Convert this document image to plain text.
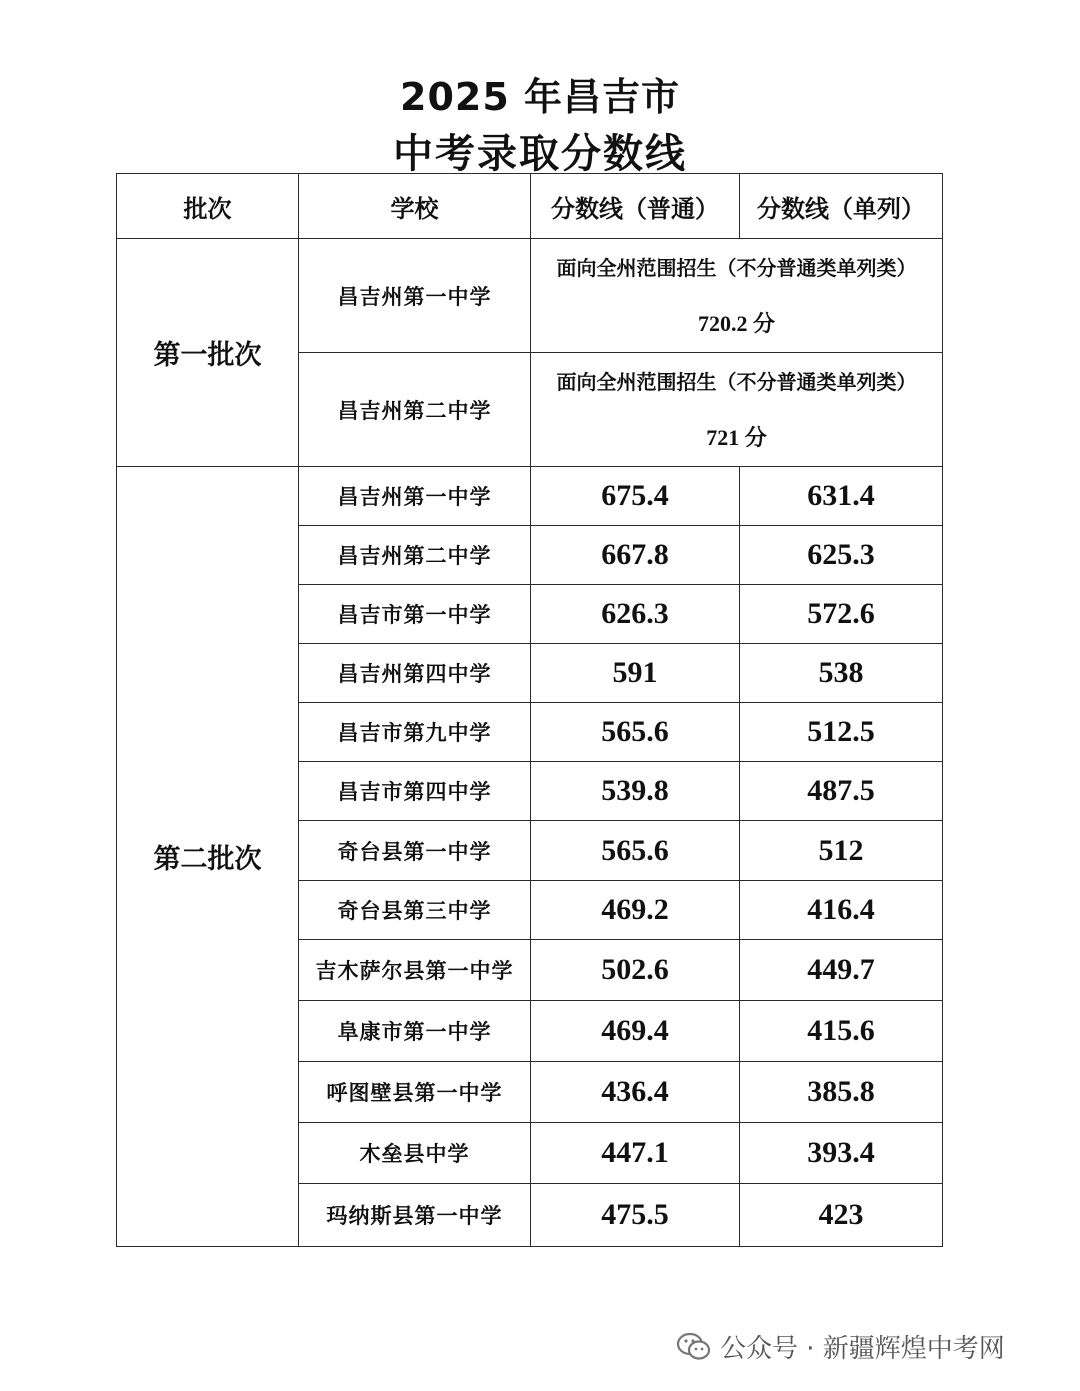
2025 年昌吉市
中考录取分数线
批次	学校	分数线（普通）	分数线（单列）
第一批次	昌吉州第一中学	面向全州范围招生（不分普通类单列类）
720.2 分	

	昌吉州第二中学	面向全州范围招生（不分普通类单列类）
721 分	

第二批次	昌吉州第一中学	675.4	631.4
	昌吉州第二中学	667.8	625.3
	昌吉市第一中学	626.3	572.6
	昌吉州第四中学	591	538
	昌吉市第九中学	565.6	512.5
	昌吉市第四中学	539.8	487.5
	奇台县第一中学	565.6	512
	奇台县第三中学	469.2	416.4
	吉木萨尔县第一中学	502.6	449.7
	阜康市第一中学	469.4	415.6
	呼图壁县第一中学	436.4	385.8
	木垒县中学	447.1	393.4
	玛纳斯县第一中学	475.5	423
公众号 · 新疆辉煌中考网
